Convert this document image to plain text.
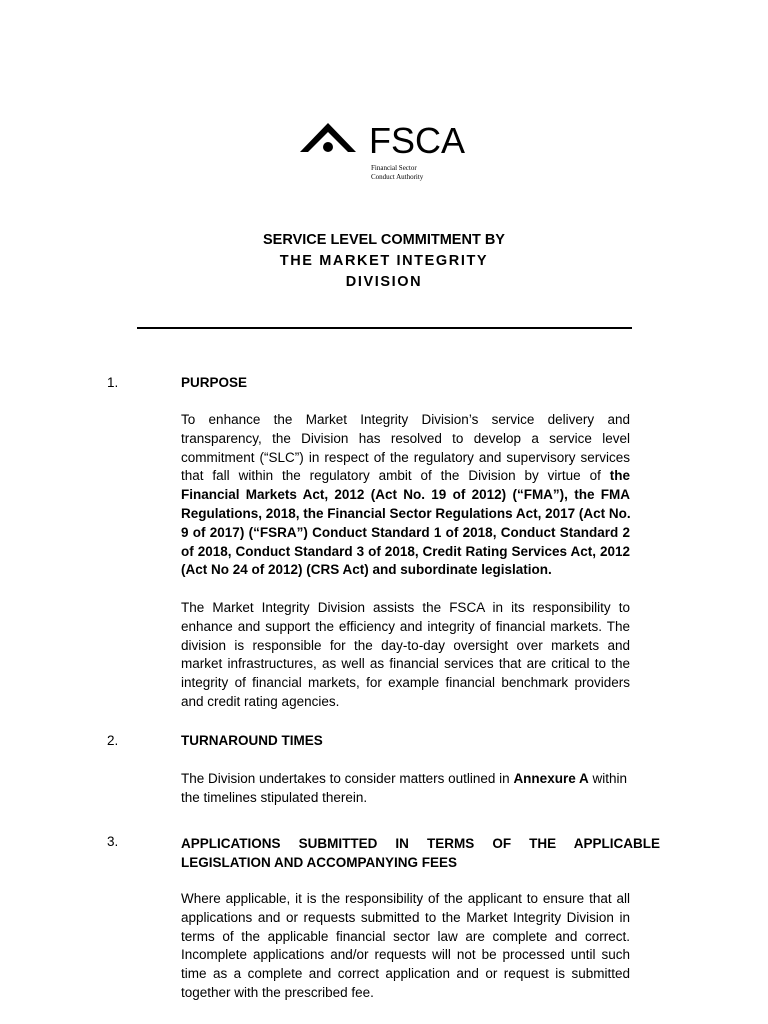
FSCA
Financial Sector
Conduct Authority
SERVICE LEVEL COMMITMENT BY
THE MARKET INTEGRITY
DIVISION
1.	PURPOSE
To enhance the Market Integrity Division’s service delivery and
transparency, the Division has resolved to develop a service level
commitment (“SLC”) in respect of the regulatory and supervisory services
that fall within the regulatory ambit of the Division by virtue of the
Financial Markets Act, 2012 (Act No. 19 of 2012) (“FMA”), the FMA
Regulations, 2018, the Financial Sector Regulations Act, 2017 (Act No.
9 of 2017) (“FSRA”) Conduct Standard 1 of 2018, Conduct Standard 2
of 2018, Conduct Standard 3 of 2018, Credit Rating Services Act, 2012
(Act No 24 of 2012) (CRS Act) and subordinate legislation.
The Market Integrity Division assists the FSCA in its responsibility to
enhance and support the efficiency and integrity of financial markets. The
division is responsible for the day-to-day oversight over markets and
market infrastructures, as well as financial services that are critical to the
integrity of financial markets, for example financial benchmark providers
and credit rating agencies.
2.	TURNAROUND TIMES
The Division undertakes to consider matters outlined in Annexure A within
the timelines stipulated therein.
3.	APPLICATIONS SUBMITTED IN TERMS OF THE APPLICABLE
LEGISLATION AND ACCOMPANYING FEES
Where applicable, it is the responsibility of the applicant to ensure that all
applications and or requests submitted to the Market Integrity Division in
terms of the applicable financial sector law are complete and correct.
Incomplete applications and/or requests will not be processed until such
time as a complete and correct application and or request is submitted
together with the prescribed fee.
